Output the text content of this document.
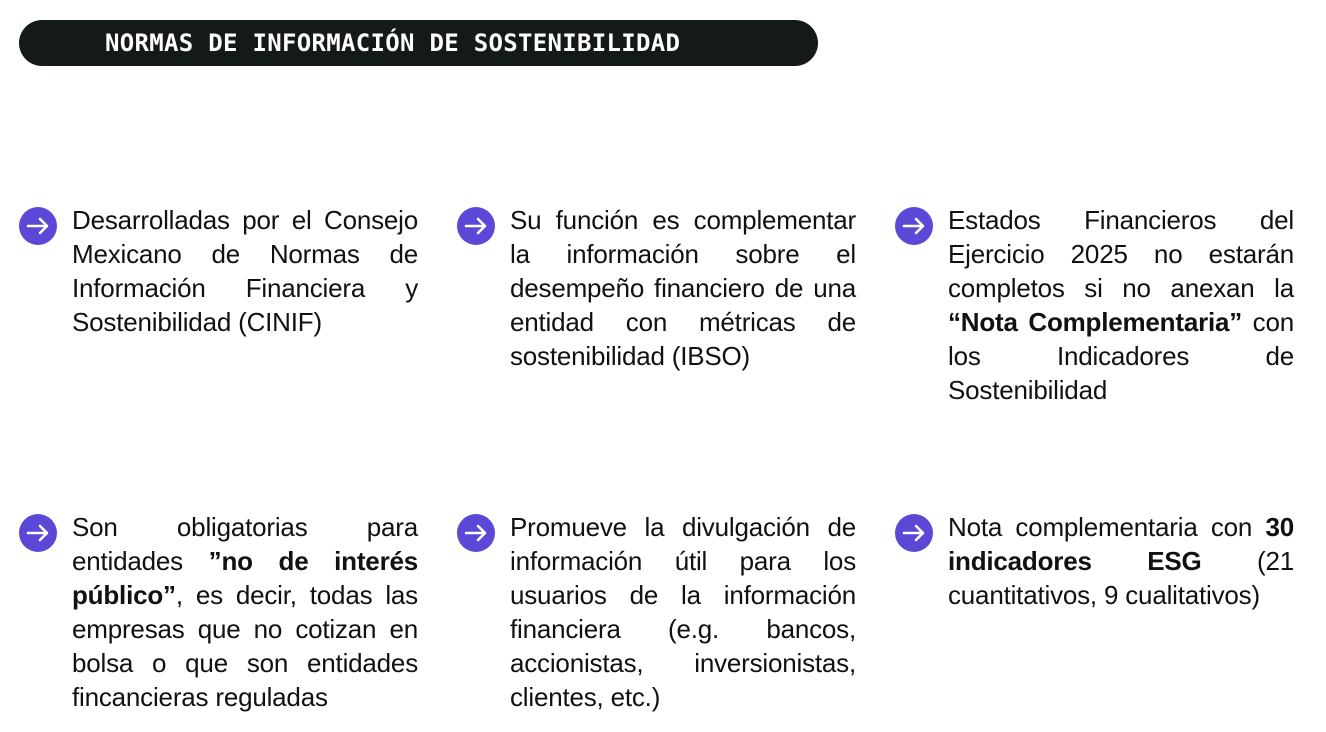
NORMAS DE INFORMACIÓN DE SOSTENIBILIDAD
Desarrolladas por el Consejo Mexicano de Normas de Información Financiera y Sostenibilidad (CINIF)
Su función es complementar la información sobre el desempeño financiero de una entidad con métricas de sostenibilidad (IBSO)
Estados Financieros del Ejercicio 2025 no estarán completos si no anexan la “Nota Complementaria” con los Indicadores de Sostenibilidad
Son obligatorias para entidades ”no de interés público”, es decir, todas las empresas que no cotizan en bolsa o que son entidades fincancieras reguladas
Promueve la divulgación de información útil para los usuarios de la información financiera (e.g. bancos, accionistas, inversionistas, clientes, etc.)
Nota complementaria con 30 indicadores ESG (21 cuantitativos, 9 cualitativos)
